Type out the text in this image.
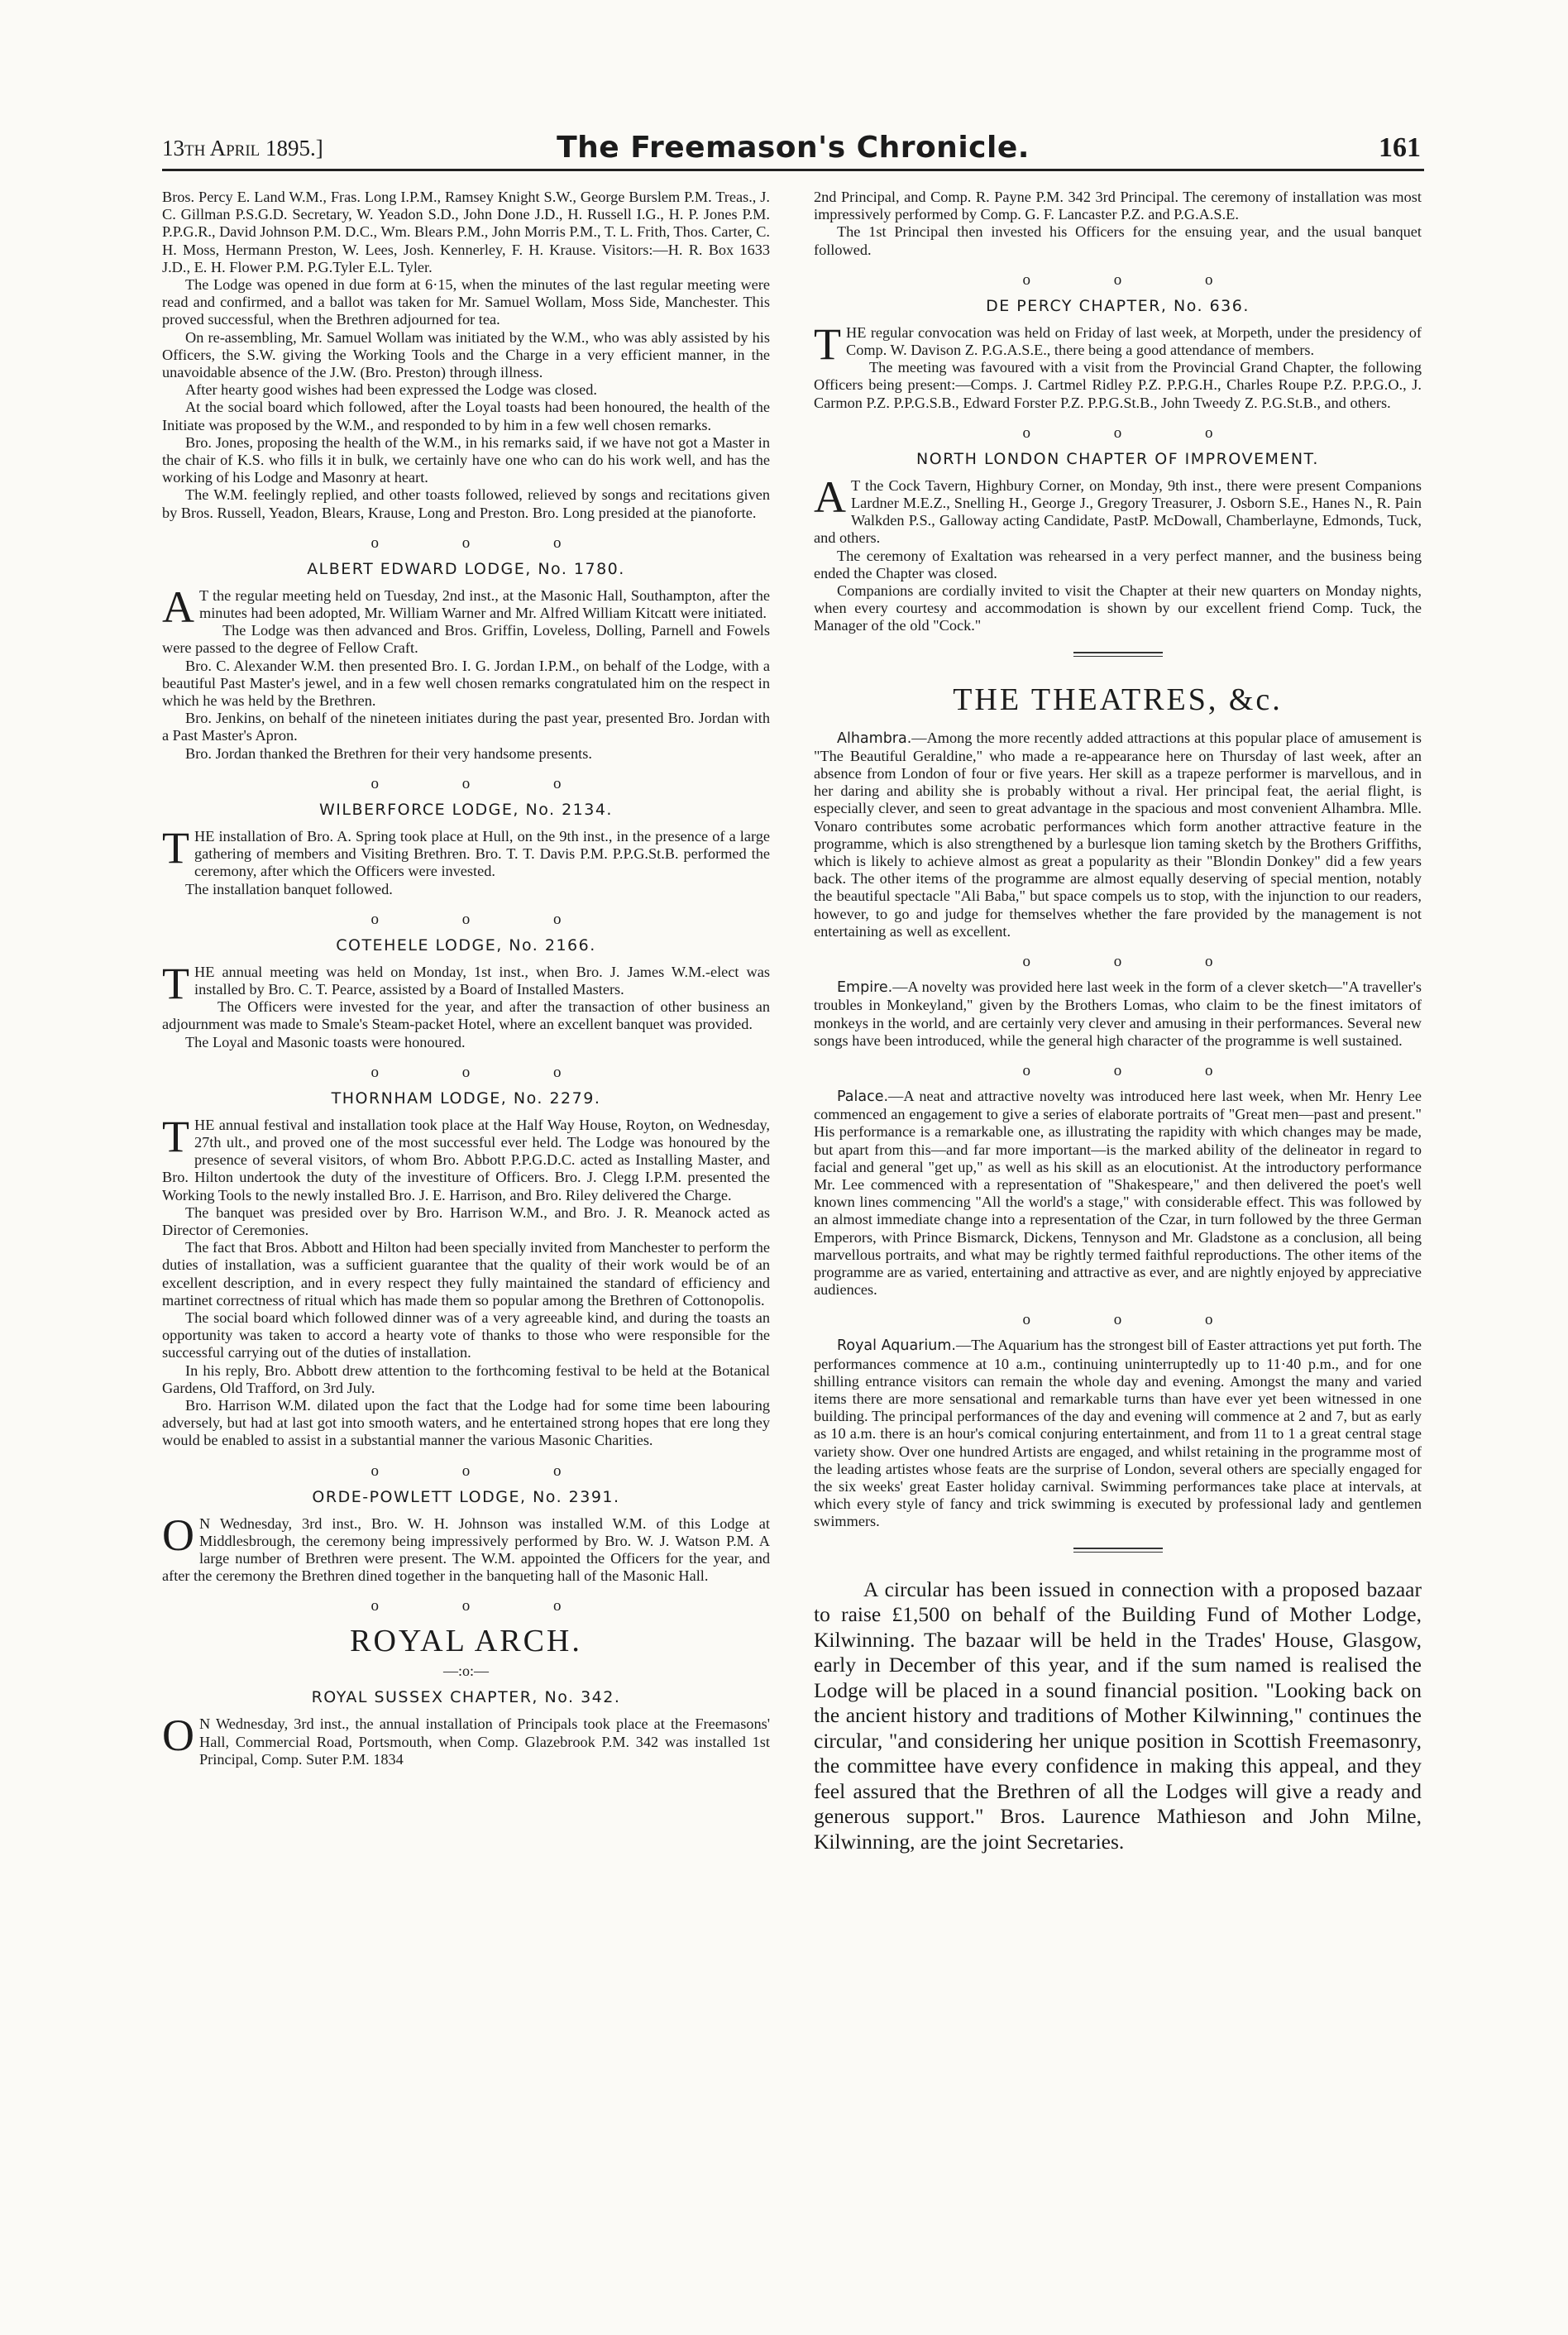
13th April 1895.]	The Freemason's Chronicle.	161

Bros. Percy E. Land W.M., Fras. Long I.P.M., Ramsey Knight S.W., George Burslem P.M. Treas., J. C. Gillman P.S.G.D. Secretary, W. Yeadon S.D., John Done J.D., H. Russell I.G., H. P. Jones P.M. P.P.G.R., David Johnson P.M. D.C., Wm. Blears P.M., John Morris P.M., T. L. Frith, Thos. Carter, C. H. Moss, Hermann Preston, W. Lees, Josh. Kennerley, F. H. Krause. Visitors:—H. R. Box 1633 J.D., E. H. Flower P.M. P.G.Tyler E.L. Tyler.

The Lodge was opened in due form at 6·15, when the minutes of the last regular meeting were read and confirmed, and a ballot was taken for Mr. Samuel Wollam, Moss Side, Manchester. This proved successful, when the Brethren adjourned for tea.

On re-assembling, Mr. Samuel Wollam was initiated by the W.M., who was ably assisted by his Officers, the S.W. giving the Working Tools and the Charge in a very efficient manner, in the unavoidable absence of the J.W. (Bro. Preston) through illness.

After hearty good wishes had been expressed the Lodge was closed.

At the social board which followed, after the Loyal toasts had been honoured, the health of the Initiate was proposed by the W.M., and responded to by him in a few well chosen remarks.

Bro. Jones, proposing the health of the W.M., in his remarks said, if we have not got a Master in the chair of K.S. who fills it in bulk, we certainly have one who can do his work well, and has the working of his Lodge and Masonry at heart.

The W.M. feelingly replied, and other toasts followed, relieved by songs and recitations given by Bros. Russell, Yeadon, Blears, Krause, Long and Preston. Bro. Long presided at the pianoforte.

o o o
ALBERT EDWARD LODGE, No. 1780.

A T the regular meeting held on Tuesday, 2nd inst., at the Masonic Hall, Southampton, after the minutes had been adopted, Mr. William Warner and Mr. Alfred William Kitcatt were initiated.

The Lodge was then advanced and Bros. Griffin, Loveless, Dolling, Parnell and Fowels were passed to the degree of Fellow Craft.

Bro. C. Alexander W.M. then presented Bro. I. G. Jordan I.P.M., on behalf of the Lodge, with a beautiful Past Master's jewel, and in a few well chosen remarks congratulated him on the respect in which he was held by the Brethren.

Bro. Jenkins, on behalf of the nineteen initiates during the past year, presented Bro. Jordan with a Past Master's Apron.

Bro. Jordan thanked the Brethren for their very handsome presents.

o o o
WILBERFORCE LODGE, No. 2134.

THE installation of Bro. A. Spring took place at Hull, on the 9th inst., in the presence of a large gathering of members and Visiting Brethren. Bro. T. T. Davis P.M. P.P.G.St.B. performed the ceremony, after which the Officers were invested.

The installation banquet followed.

o o o
COTEHELE LODGE, No. 2166.

THE annual meeting was held on Monday, 1st inst., when Bro. J. James W.M.-elect was installed by Bro. C. T. Pearce, assisted by a Board of Installed Masters.

The Officers were invested for the year, and after the transaction of other business an adjournment was made to Smale's Steam-packet Hotel, where an excellent banquet was provided.

The Loyal and Masonic toasts were honoured.

o o o
THORNHAM LODGE, No. 2279.

THE annual festival and installation took place at the Half Way House, Royton, on Wednesday, 27th ult., and proved one of the most successful ever held. The Lodge was honoured by the presence of several visitors, of whom Bro. Abbott P.P.G.D.C. acted as Installing Master, and Bro. Hilton undertook the duty of the investiture of Officers. Bro. J. Clegg I.P.M. presented the Working Tools to the newly installed Bro. J. E. Harrison, and Bro. Riley delivered the Charge.

The banquet was presided over by Bro. Harrison W.M., and Bro. J. R. Meanock acted as Director of Ceremonies.

The fact that Bros. Abbott and Hilton had been specially invited from Manchester to perform the duties of installation, was a sufficient guarantee that the quality of their work would be of an excellent description, and in every respect they fully maintained the standard of efficiency and martinet correctness of ritual which has made them so popular among the Brethren of Cottonopolis.

The social board which followed dinner was of a very agreeable kind, and during the toasts an opportunity was taken to accord a hearty vote of thanks to those who were responsible for the successful carrying out of the duties of installation.

In his reply, Bro. Abbott drew attention to the forthcoming festival to be held at the Botanical Gardens, Old Trafford, on 3rd July.

Bro. Harrison W.M. dilated upon the fact that the Lodge had for some time been labouring adversely, but had at last got into smooth waters, and he entertained strong hopes that ere long they would be enabled to assist in a substantial manner the various Masonic Charities.

o o o
ORDE-POWLETT LODGE, No. 2391.

O N Wednesday, 3rd inst., Bro. W. H. Johnson was installed W.M. of this Lodge at Middlesbrough, the ceremony being impressively performed by Bro. W. J. Watson P.M. A large number of Brethren were present. The W.M. appointed the Officers for the year, and after the ceremony the Brethren dined together in the banqueting hall of the Masonic Hall.

o o o
ROYAL ARCH.
—:o:—
ROYAL SUSSEX CHAPTER, No. 342.

O N Wednesday, 3rd inst., the annual installation of Principals took place at the Freemasons' Hall, Commercial Road, Portsmouth, when Comp. Glazebrook P.M. 342 was installed 1st Principal, Comp. Suter P.M. 1834

2nd Principal, and Comp. R. Payne P.M. 342 3rd Principal. The ceremony of installation was most impressively performed by Comp. G. F. Lancaster P.Z. and P.G.A.S.E.

The 1st Principal then invested his Officers for the ensuing year, and the usual banquet followed.

o o o
DE PERCY CHAPTER, No. 636.

THE regular convocation was held on Friday of last week, at Morpeth, under the presidency of Comp. W. Davison Z. P.G.A.S.E., there being a good attendance of members.

The meeting was favoured with a visit from the Provincial Grand Chapter, the following Officers being present:—Comps. J. Cartmel Ridley P.Z. P.P.G.H., Charles Roupe P.Z. P.P.G.O., J. Carmon P.Z. P.P.G.S.B., Edward Forster P.Z. P.P.G.St.B., John Tweedy Z. P.G.St.B., and others.

o o o
NORTH LONDON CHAPTER OF IMPROVEMENT.

A T the Cock Tavern, Highbury Corner, on Monday, 9th inst., there were present Companions Lardner M.E.Z., Snelling H., George J., Gregory Treasurer, J. Osborn S.E., Hanes N., R. Pain Walkden P.S., Galloway acting Candidate, PastP. McDowall, Chamberlayne, Edmonds, Tuck, and others.

The ceremony of Exaltation was rehearsed in a very perfect manner, and the business being ended the Chapter was closed.

Companions are cordially invited to visit the Chapter at their new quarters on Monday nights, when every courtesy and accommodation is shown by our excellent friend Comp. Tuck, the Manager of the old "Cock."

THE THEATRES, &c.

Alhambra.—Among the more recently added attractions at this popular place of amusement is "The Beautiful Geraldine," who made a re-appearance here on Thursday of last week, after an absence from London of four or five years. Her skill as a trapeze performer is marvellous, and in her daring and ability she is probably without a rival. Her principal feat, the aerial flight, is especially clever, and seen to great advantage in the spacious and most convenient Alhambra. Mlle. Vonaro contributes some acrobatic performances which form another attractive feature in the programme, which is also strengthened by a burlesque lion taming sketch by the Brothers Griffiths, which is likely to achieve almost as great a popularity as their "Blondin Donkey" did a few years back. The other items of the programme are almost equally deserving of special mention, notably the beautiful spectacle "Ali Baba," but space compels us to stop, with the injunction to our readers, however, to go and judge for themselves whether the fare provided by the management is not entertaining as well as excellent.

o o o

Empire.—A novelty was provided here last week in the form of a clever sketch—"A traveller's troubles in Monkeyland," given by the Brothers Lomas, who claim to be the finest imitators of monkeys in the world, and are certainly very clever and amusing in their performances. Several new songs have been introduced, while the general high character of the programme is well sustained.

o o o

Palace.—A neat and attractive novelty was introduced here last week, when Mr. Henry Lee commenced an engagement to give a series of elaborate portraits of "Great men—past and present." His performance is a remarkable one, as illustrating the rapidity with which changes may be made, but apart from this—and far more important—is the marked ability of the delineator in regard to facial and general "get up," as well as his skill as an elocutionist. At the introductory performance Mr. Lee commenced with a representation of "Shakespeare," and then delivered the poet's well known lines commencing "All the world's a stage," with considerable effect. This was followed by an almost immediate change into a representation of the Czar, in turn followed by the three German Emperors, with Prince Bismarck, Dickens, Tennyson and Mr. Gladstone as a conclusion, all being marvellous portraits, and what may be rightly termed faithful reproductions. The other items of the programme are as varied, entertaining and attractive as ever, and are nightly enjoyed by appreciative audiences.

o o o

Royal Aquarium.—The Aquarium has the strongest bill of Easter attractions yet put forth. The performances commence at 10 a.m., continuing uninterruptedly up to 11·40 p.m., and for one shilling entrance visitors can remain the whole day and evening. Amongst the many and varied items there are more sensational and remarkable turns than have ever yet been witnessed in one building. The principal performances of the day and evening will commence at 2 and 7, but as early as 10 a.m. there is an hour's comical conjuring entertainment, and from 11 to 1 a great central stage variety show. Over one hundred Artists are engaged, and whilst retaining in the programme most of the leading artistes whose feats are the surprise of London, several others are specially engaged for the six weeks' great Easter holiday carnival. Swimming performances take place at intervals, at which every style of fancy and trick swimming is executed by professional lady and gentlemen swimmers.

A circular has been issued in connection with a proposed bazaar to raise £1,500 on behalf of the Building Fund of Mother Lodge, Kilwinning. The bazaar will be held in the Trades' House, Glasgow, early in December of this year, and if the sum named is realised the Lodge will be placed in a sound financial position. "Looking back on the ancient history and traditions of Mother Kilwinning," continues the circular, "and considering her unique position in Scottish Freemasonry, the committee have every confidence in making this appeal, and they feel assured that the Brethren of all the Lodges will give a ready and generous support." Bros. Laurence Mathieson and John Milne, Kilwinning, are the joint Secretaries.
